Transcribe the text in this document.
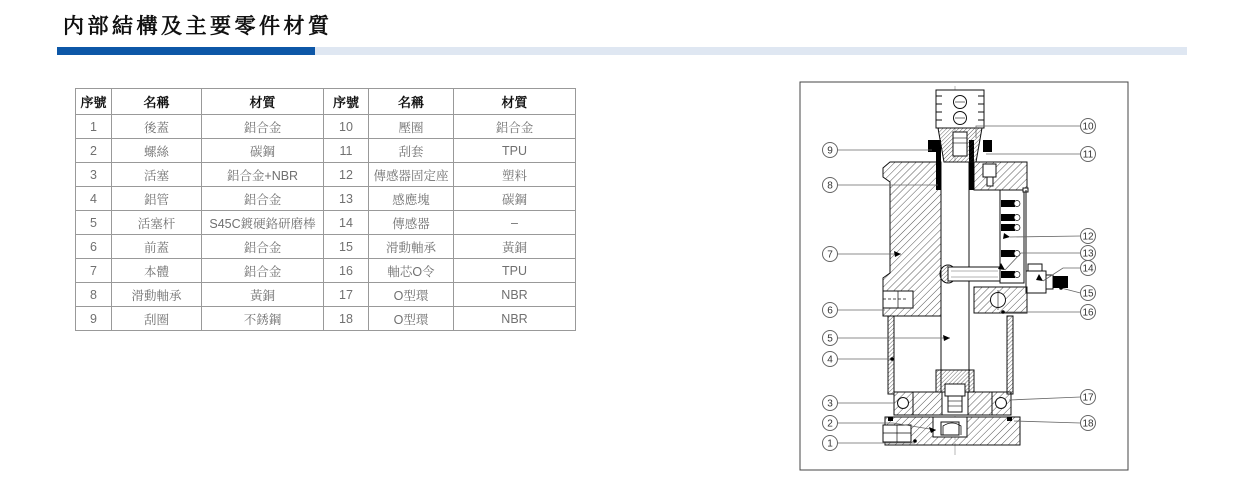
内部結構及主要零件材質
序號	名稱	材質	序號	名稱	材質
1	後蓋	鋁合金	10	壓圈	鋁合金
2	螺絲	碳鋼	11	刮套	TPU
3	活塞	鋁合金+NBR	12	傳感器固定座	塑料
4	鋁管	鋁合金	13	感應塊	碳鋼
5	活塞杆	S45C鍍硬鉻研磨棒	14	傳感器	–
6	前蓋	鋁合金	15	滑動軸承	黃銅
7	本體	鋁合金	16	軸芯O令	TPU
8	滑動軸承	黃銅	17	O型環	NBR
9	刮圈	不銹鋼	18	O型環	NBR
9
8
7
6
5
4
3
2
1
10
11
12
13
14
15
16
17
18
